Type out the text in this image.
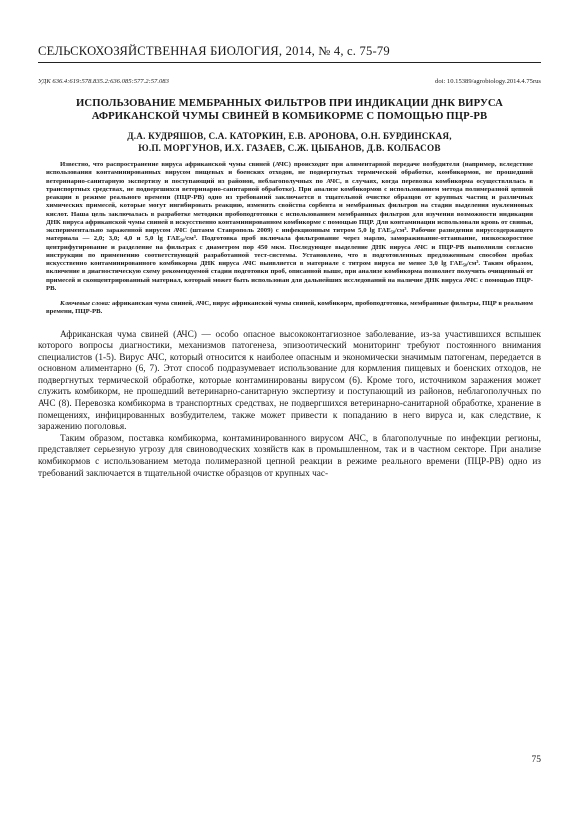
СЕЛЬСКОХОЗЯЙСТВЕННАЯ БИОЛОГИЯ, 2014, № 4, с. 75-79
УДК 636.4:619:578.835.2:636.085:577.2:57.083	doi: 10.15389/agrobiology.2014.4.75rus
ИСПОЛЬЗОВАНИЕ МЕМБРАННЫХ ФИЛЬТРОВ ПРИ ИНДИКАЦИИ ДНК ВИРУСА АФРИКАНСКОЙ ЧУМЫ СВИНЕЙ В КОМБИКОРМЕ С ПОМОЩЬЮ ПЦР-РВ
Д.А. КУДРЯШОВ, С.А. КАТОРКИН, Е.В. АРОНОВА, О.Н. БУРДИНСКАЯ,
Ю.П. МОРГУНОВ, И.Х. ГАЗАЕВ, С.Ж. ЦЫБАНОВ, Д.В. КОЛБАСОВ

Известно, что распространение вируса африканской чумы свиней (АЧС) происходит при алиментарной передаче возбудителя (например, вследствие использования контаминированных вирусом пищевых и боенских отходов, не подвергнутых термической обработке, комбикормов, не прошедший ветеринарно-санитарную экспертизу и поступающий из районов, неблагополучных по АЧС, в случаях, когда перевозка комбикорма осуществлялась в транспортных средствах, не подвергшихся ветеринарно-санитарной обработке). При анализе комбикормов с использованием метода полимеразной цепной реакции в режиме реального времени (ПЦР-РВ) одно из требований заключается в тщательной очистке образцов от крупных частиц и различных химических примесей, которые могут ингибировать реакцию, изменять свойства сорбента и мембранных фильтров на стадии выделения нуклеиновых кислот. Наша цель заключалась в разработке методики пробоподготовки с использованием мембранных фильтров для изучения возможности индикации ДНК вируса африканской чумы свиней в искусственно контаминированном комбикорме с помощью ПЦР. Для контаминации использовали кровь от свиньи, экспериментально зараженной вирусом АЧС (штамм Ставрополь 2009) с инфекционным титром 5,0 lg ГАЕ₅₀/см³. Рабочие разведения вируссодержащего материала — 2,0; 3,0; 4,0 и 5,0 lg ГАЕ₅₀/см³. Подготовка проб включала фильтрование через марлю, замораживание-оттаивание, низкоскоростное центрифугирование и разделение на фильтрах с диаметром пор 450 мкм. Последующее выделение ДНК вируса АЧС и ПЦР-РВ выполняли согласно инструкции по применению соответствующей разработанной тест-системы. Установлено, что в подготовленных предложенным способом пробах искусственно контаминированного комбикорма ДНК вируса АЧС выявляется в материале с титром вируса не менее 3,0 lg ГАЕ₅₀/см³. Таким образом, включение в диагностическую схему рекомендуемой стадии подготовки проб, описанной выше, при анализе комбикорма позволяет получить очищенный от примесей и сконцентрированный материал, который может быть использован для дальнейших исследований на наличие ДНК вируса АЧС с помощью ПЦР-РВ.

Ключевые слова: африканская чума свиней, АЧС, вирус африканской чумы свиней, комбикорм, пробоподготовка, мембранные фильтры, ПЦР в реальном времени, ПЦР-РВ.

Африканская чума свиней (АЧС) — особо опасное высококонтагиозное заболевание, из-за участившихся вспышек которого вопросы диагностики, механизмов патогенеза, эпизоотический мониторинг требуют постоянного внимания специалистов (1-5). Вирус АЧС, который относится к наиболее опасным и экономически значимым патогенам, передается в основном алиментарно (6, 7). Этот способ подразумевает использование для кормления пищевых и боенских отходов, не подвергнутых термической обработке, которые контаминированы вирусом (6). Кроме того, источником заражения может служить комбикорм, не прошедший ветеринарно-санитарную экспертизу и поступающий из районов, неблагополучных по АЧС (8). Перевозка комбикорма в транспортных средствах, не подвергшихся ветеринарно-санитарной обработке, хранение в помещениях, инфицированных возбудителем, также может привести к попаданию в него вируса и, как следствие, к заражению поголовья.

Таким образом, поставка комбикорма, контаминированного вирусом АЧС, в благополучные по инфекции регионы, представляет серьезную угрозу для свиноводческих хозяйств как в промышленном, так и в частном секторе. При анализе комбикормов с использованием метода полимеразной цепной реакции в режиме реального времени (ПЦР-РВ) одно из требований заключается в тщательной очистке образцов от крупных час-

75
